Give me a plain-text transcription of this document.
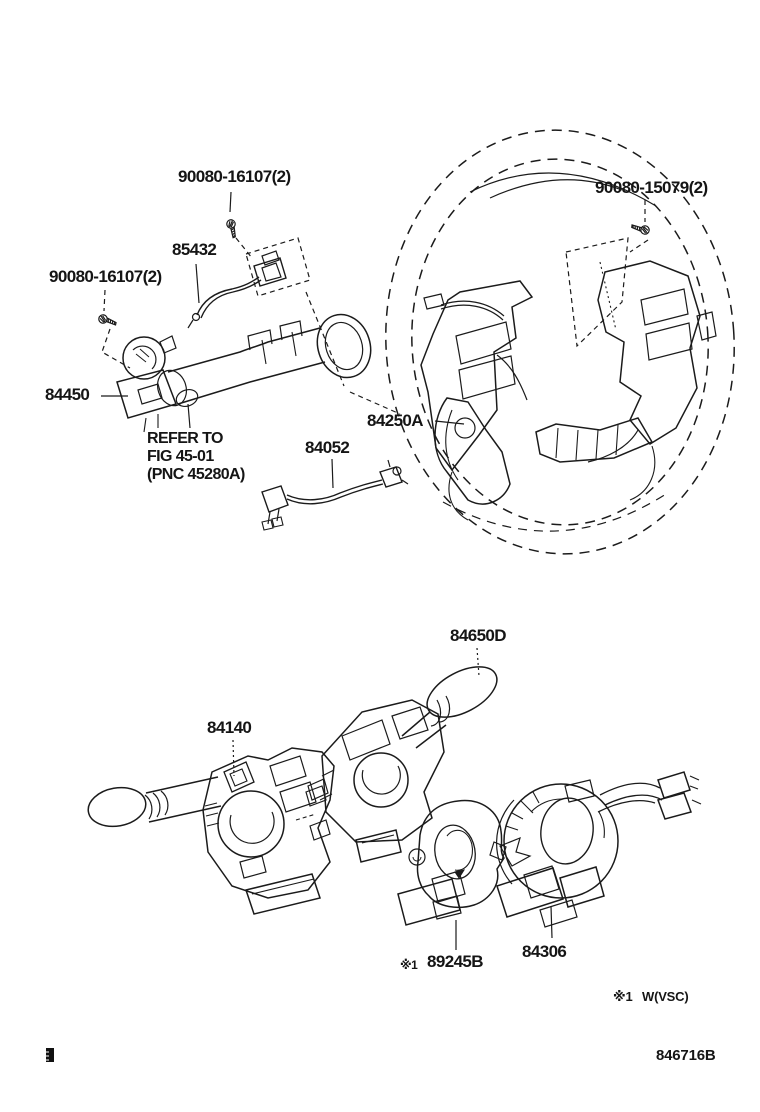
90080-16107(2)
90080-15079(2)
85432
90080-16107(2)
84450
REFER TO
FIG 45-01
(PNC 45280A)
84052
84250A
84650D
84140
※1 89245B
84306
※1 W(VSC)
846716B
